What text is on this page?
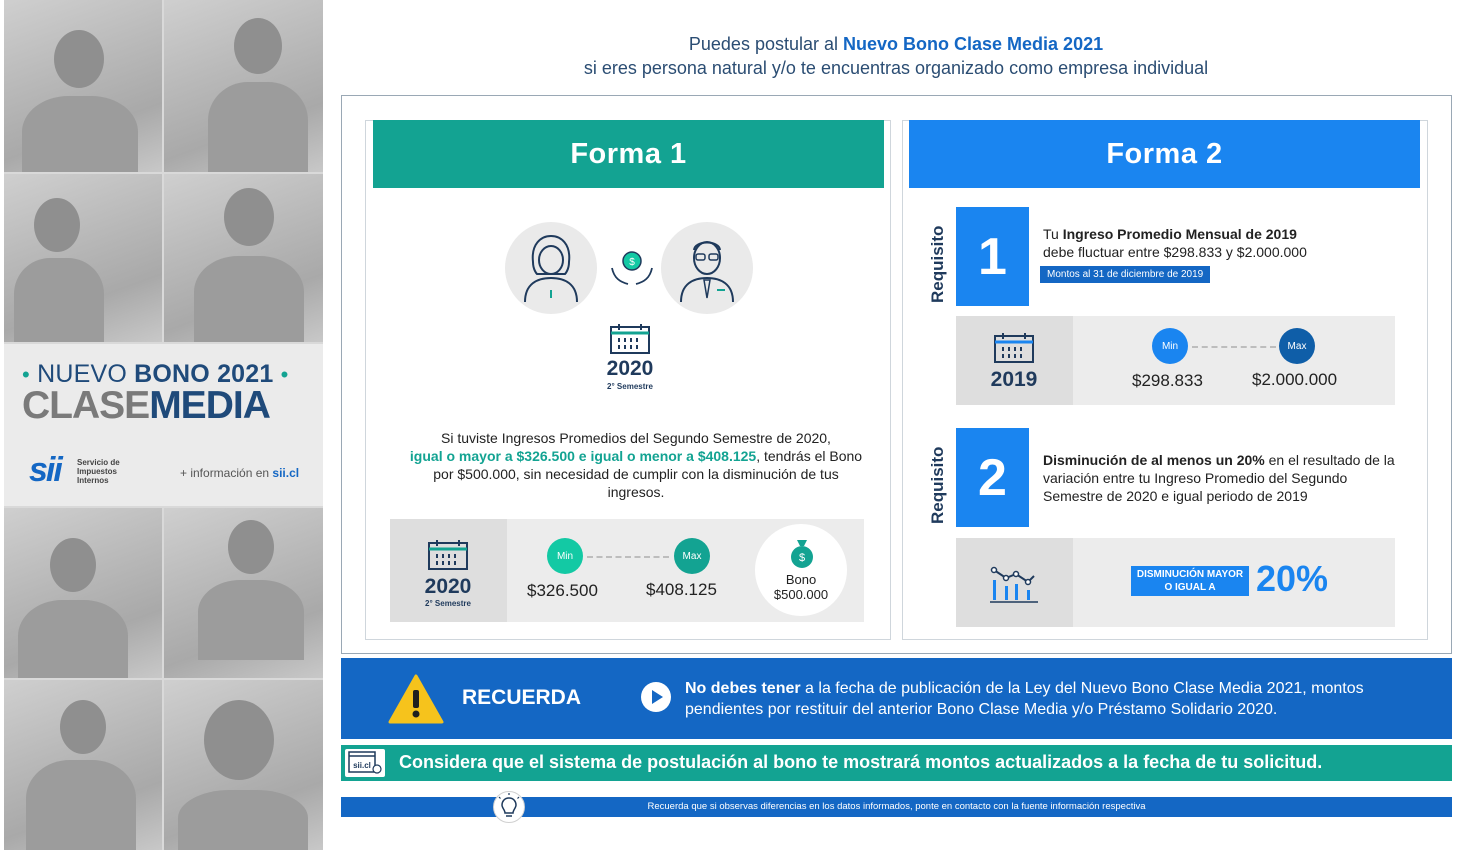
• NUEVO BONO 2021 •
CLASEMEDIA
sii Servicio de Impuestos Internos
+ información en sii.cl
Puedes postular al Nuevo Bono Clase Media 2021
si eres persona natural y/o te encuentras organizado como empresa individual
Forma 1
$
2020
2° Semestre
Si tuviste Ingresos Promedios del Segundo Semestre de 2020,
igual o mayor a $326.500 e igual o menor a $408.125, tendrás el Bono por $500.000, sin necesidad de cumplir con la disminución de tus ingresos.
2020
2° Semestre
Min	Max
$326.500	$408.125
$
Bono
$500.000
Forma 2
Requisito 1	Tu Ingreso Promedio Mensual de 2019
debe fluctuar entre $298.833 y $2.000.000
Montos al 31 de diciembre de 2019
2019
Min	Max
$298.833	$2.000.000
Requisito 2	Disminución de al menos un 20% en el resultado de la variación entre tu Ingreso Promedio del Segundo Semestre de 2020 e igual periodo de 2019
DISMINUCIÓN MAYOR O IGUAL A	20%
RECUERDA	No debes tener a la fecha de publicación de la Ley del Nuevo Bono Clase Media 2021, montos pendientes por restituir del anterior Bono Clase Media y/o Préstamo Solidario 2020.
sii.cl Considera que el sistema de postulación al bono te mostrará montos actualizados a la fecha de tu solicitud.
Recuerda que si observas diferencias en los datos informados, ponte en contacto con la fuente información respectiva
